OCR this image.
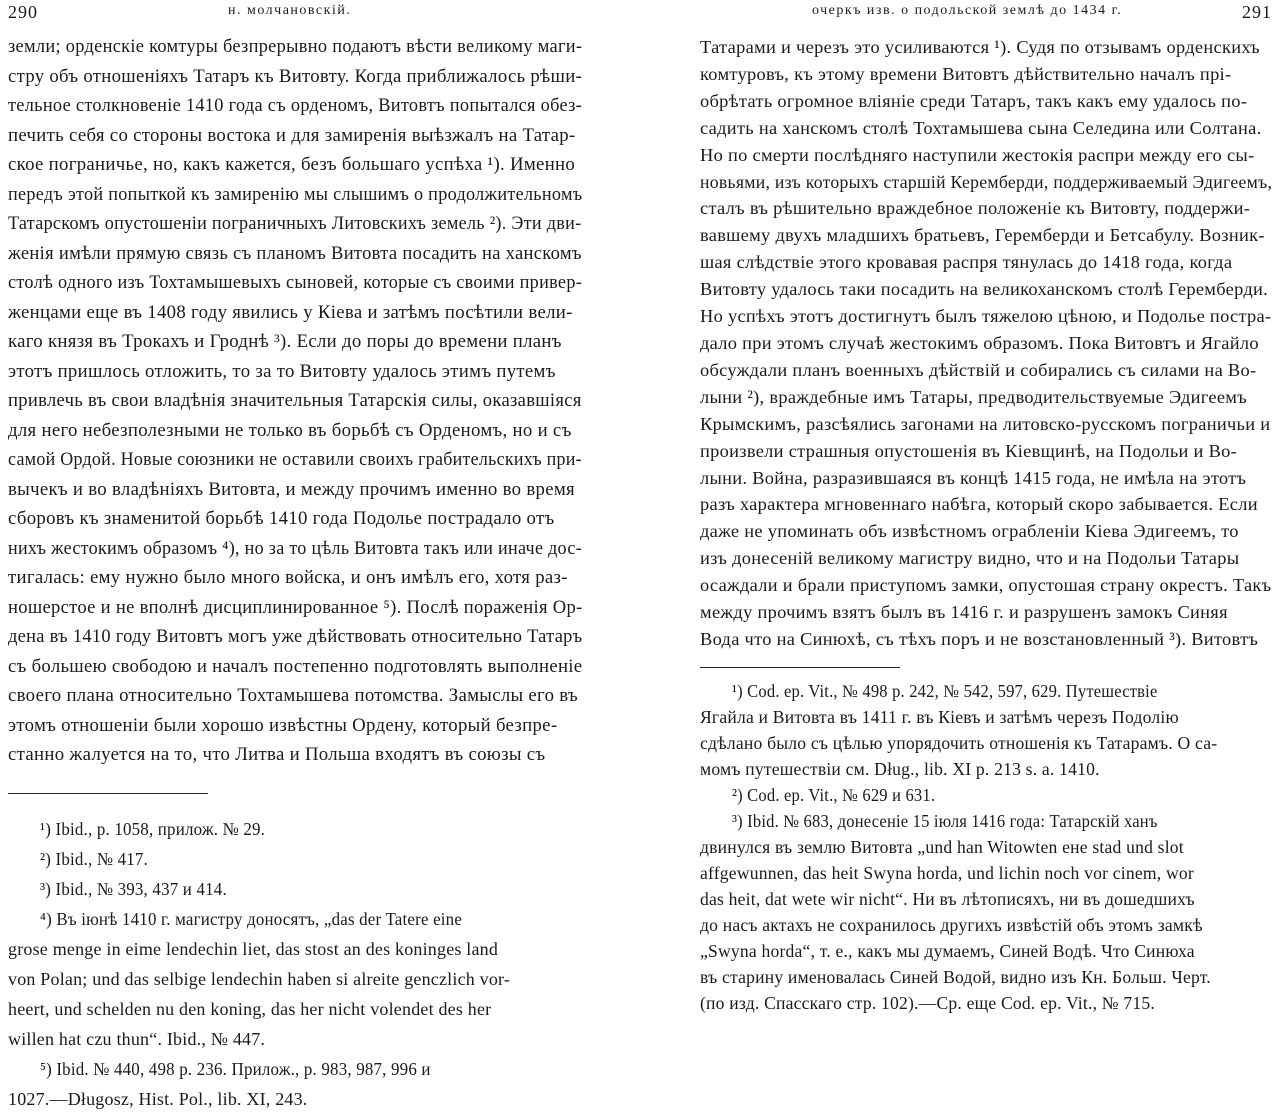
290	н. молчановскій.
земли; орденскіе комтуры безпрерывно подаютъ вѣсти великому маги-
стру объ отношеніяхъ Татаръ къ Витовту. Когда приближалось рѣши-
тельное столкновеніе 1410 года съ орденомъ, Витовтъ попытался обез-
печить себя со стороны востока и для замиренія выѣзжалъ на Татар-
ское пограничье, но, какъ кажется, безъ большаго успѣха ¹). Именно
передъ этой попыткой къ замиренію мы слышимъ о продолжительномъ
Татарскомъ опустошеніи пограничныхъ Литовскихъ земель ²). Эти дви-
женія имѣли прямую связь съ планомъ Витовта посадить на ханскомъ
столѣ одного изъ Тохтамышевыхъ сыновей, которые съ своими привер-
женцами еще въ 1408 году явились у Кіева и затѣмъ посѣтили вели-
каго князя въ Трокахъ и Гроднѣ ³). Если до поры до времени планъ
этотъ пришлось отложить, то за то Витовту удалось этимъ путемъ
привлечь въ свои владѣнія значительныя Татарскія силы, оказавшіяся
для него небезполезными не только въ борьбѣ съ Орденомъ, но и съ
самой Ордой. Новые союзники не оставили своихъ грабительскихъ при-
вычекъ и во владѣніяхъ Витовта, и между прочимъ именно во время
сборовъ къ знаменитой борьбѣ 1410 года Подолье пострадало отъ
нихъ жестокимъ образомъ ⁴), но за то цѣль Витовта такъ или иначе дос-
тигалась: ему нужно было много войска, и онъ имѣлъ его, хотя раз-
ношерстое и не вполнѣ дисциплинированное ⁵). Послѣ пораженія Ор-
дена въ 1410 году Витовтъ могъ уже дѣйствовать относительно Татаръ
съ большею свободою и началъ постепенно подготовлять выполненіе
своего плана относительно Тохтамышева потомства. Замыслы его въ
этомъ отношеніи были хорошо извѣстны Ордену, который безпре-
станно жалуется на то, что Литва и Польша входятъ въ союзы съ
¹) Ibid., p. 1058, прилож. № 29.
²) Ibid., № 417.
³) Ibid., № 393, 437 и 414.
⁴) Въ іюнѣ 1410 г. магистру доносятъ, „das der Tatere eine
grose menge in eime lendechin liet, das stost an des koninges land
von Polan; und das selbige lendechin haben si alreite genczlich vor-
heert, und schelden nu den koning, das her nicht volendet des her
willen hat czu thun“. Ibid., № 447.
⁵) Ibid. № 440, 498 p. 236. Прилож., p. 983, 987, 996 и
1027.—Długosz, Hist. Pol., lib. XI, 243.
очеркъ изв. о подольской землѣ до 1434 г.	291
Татарами и черезъ это усиливаются ¹). Судя по отзывамъ орденскихъ
комтуровъ, къ этому времени Витовтъ дѣйствительно началъ прі-
обрѣтать огромное вліяніе среди Татаръ, такъ какъ ему удалось по-
садить на ханскомъ столѣ Тохтамышева сына Селедина или Солтана.
Но по смерти послѣдняго наступили жестокія распри между его сы-
новьями, изъ которыхъ старшій Керемберди, поддерживаемый Эдигеемъ,
сталъ въ рѣшительно враждебное положеніе къ Витовту, поддержи-
вавшему двухъ младшихъ братьевъ, Геремберди и Бетсабулу. Возник-
шая слѣдствіе этого кровавая распря тянулась до 1418 года, когда
Витовту удалось таки посадить на великоханскомъ столѣ Геремберди.
Но успѣхъ этотъ достигнутъ былъ тяжелою цѣною, и Подолье постра-
дало при этомъ случаѣ жестокимъ образомъ. Пока Витовтъ и Ягайло
обсуждали планъ военныхъ дѣйствій и собирались съ силами на Во-
лыни ²), враждебные имъ Татары, предводительствуемые Эдигеемъ
Крымскимъ, разсѣялись загонами на литовско-русскомъ пограничьи и
произвели страшныя опустошенія въ Кіевщинѣ, на Подольи и Во-
лыни. Война, разразившаяся въ концѣ 1415 года, не имѣла на этотъ
разъ характера мгновеннаго набѣга, который скоро забывается. Если
даже не упоминать объ извѣстномъ ограбленіи Кіева Эдигеемъ, то
изъ донесеній великому магистру видно, что и на Подольи Татары
осаждали и брали приступомъ замки, опустошая страну окрестъ. Такъ
между прочимъ взятъ былъ въ 1416 г. и разрушенъ замокъ Синяя
Вода что на Синюхѣ, съ тѣхъ поръ и не возстановленный ³). Витовтъ
¹) Cod. ep. Vit., № 498 p. 242, № 542, 597, 629. Путешествіе
Ягайла и Витовта въ 1411 г. въ Кіевъ и затѣмъ черезъ Подолію
сдѣлано было съ цѣлью упорядочить отношенія къ Татарамъ. О са-
момъ путешествіи см. Dług., lib. XI p. 213 s. a. 1410.
²) Cod. ep. Vit., № 629 и 631.
³) Ibid. № 683, донесеніе 15 іюля 1416 года: Татарскій ханъ
двинулся въ землю Витовта „und han Witowten eне stad und slot
affgewunnen, das heit Swyna horda, und lichin noch vor cinem, wor
das heit, dat wete wir nicht“. Ни въ лѣтописяхъ, ни въ дошедшихъ
до насъ актахъ не сохранилось другихъ извѣстій объ этомъ замкѣ
„Swyna horda“, т. е., какъ мы думаемъ, Синей Водѣ. Что Синюха
въ старину именовалась Синей Водой, видно изъ Кн. Больш. Черт.
(по изд. Спасскаго стр. 102).—Ср. еще Cod. ep. Vit., № 715.
